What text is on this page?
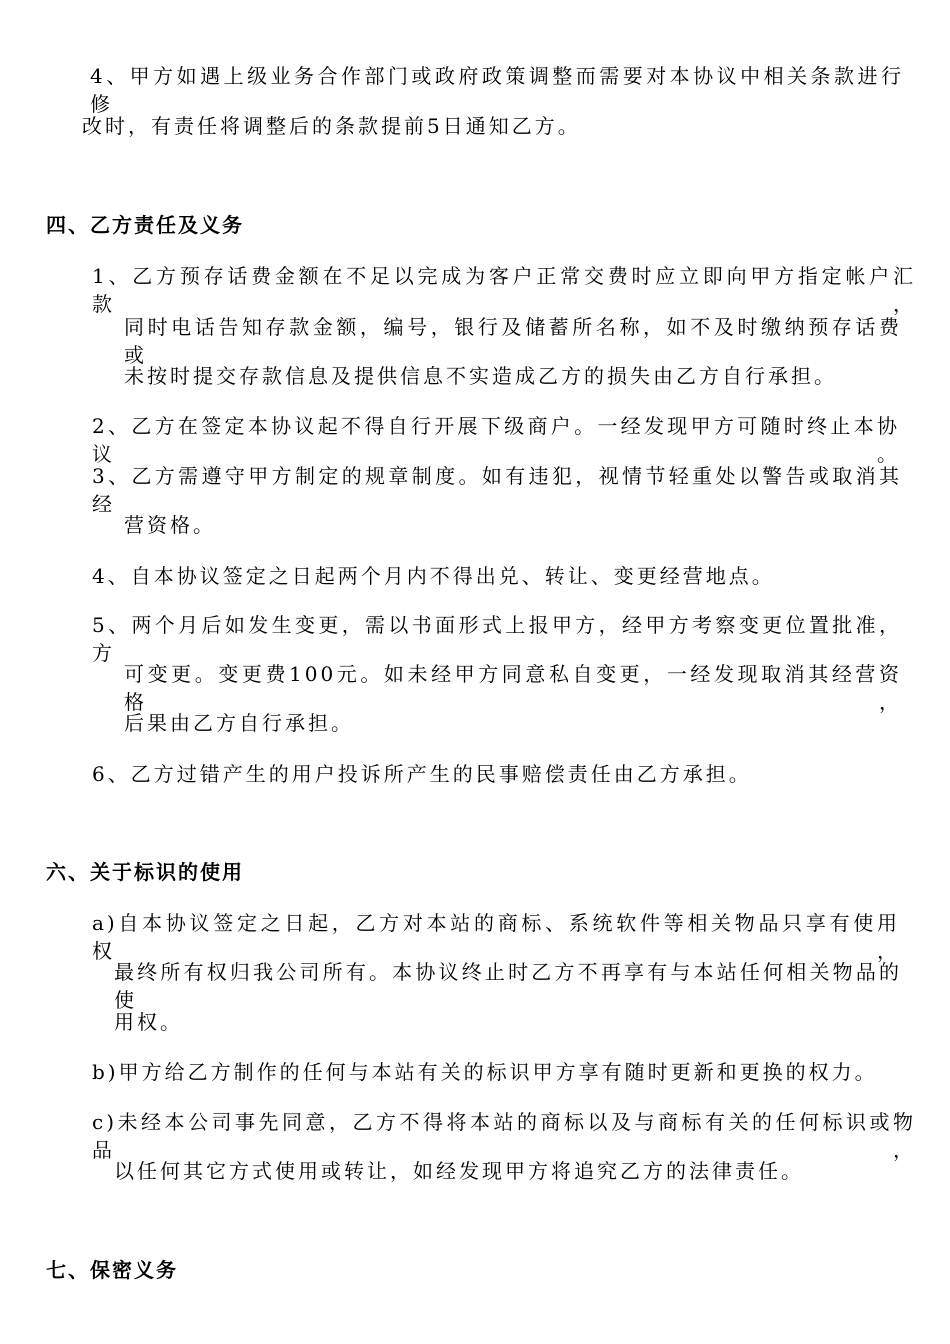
4、甲方如遇上级业务合作部门或政府政策调整而需要对本协议中相关条款进行修
改时，有责任将调整后的条款提前5日通知乙方。
四、乙方责任及义务
1、乙方预存话费金额在不足以完成为客户正常交费时应立即向甲方指定帐户汇款，
同时电话告知存款金额，编号，银行及储蓄所名称，如不及时缴纳预存话费或
未按时提交存款信息及提供信息不实造成乙方的损失由乙方自行承担。
2、乙方在签定本协议起不得自行开展下级商户。一经发现甲方可随时终止本协议。
3、乙方需遵守甲方制定的规章制度。如有违犯，视情节轻重处以警告或取消其经
营资格。
4、自本协议签定之日起两个月内不得出兑、转让、变更经营地点。
5、两个月后如发生变更，需以书面形式上报甲方，经甲方考察变更位置批准，方
可变更。变更费100元。如未经甲方同意私自变更，一经发现取消其经营资格，
后果由乙方自行承担。
6、乙方过错产生的用户投诉所产生的民事赔偿责任由乙方承担。
六、关于标识的使用
a)自本协议签定之日起，乙方对本站的商标、系统软件等相关物品只享有使用权，
最终所有权归我公司所有。本协议终止时乙方不再享有与本站任何相关物品的使
用权。
b)甲方给乙方制作的任何与本站有关的标识甲方享有随时更新和更换的权力。
c)未经本公司事先同意，乙方不得将本站的商标以及与商标有关的任何标识或物品，
以任何其它方式使用或转让，如经发现甲方将追究乙方的法律责任。
七、保密义务
